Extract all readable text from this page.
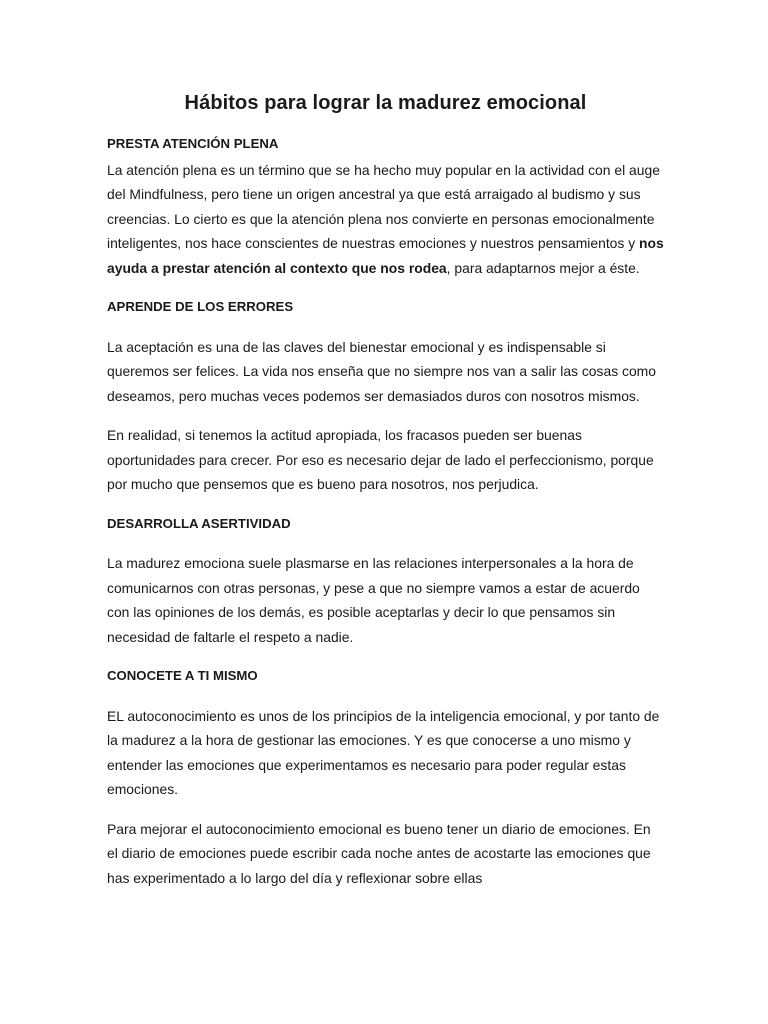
Hábitos para lograr la madurez emocional
PRESTA ATENCIÓN PLENA

La atención plena es un término que se ha hecho muy popular en la actividad con el auge del Mindfulness, pero tiene un origen ancestral ya que está arraigado al budismo y sus creencias. Lo cierto es que la atención plena nos convierte en personas emocionalmente inteligentes, nos hace conscientes de nuestras emociones y nuestros pensamientos y nos ayuda a prestar atención al contexto que nos rodea, para adaptarnos mejor a éste.

APRENDE DE LOS ERRORES

La aceptación es una de las claves del bienestar emocional y es indispensable si queremos ser felices. La vida nos enseña que no siempre nos van a salir las cosas como deseamos, pero muchas veces podemos ser demasiados duros con nosotros mismos.

En realidad, si tenemos la actitud apropiada, los fracasos pueden ser buenas oportunidades para crecer. Por eso es necesario dejar de lado el perfeccionismo, porque por mucho que pensemos que es bueno para nosotros, nos perjudica.

DESARROLLA ASERTIVIDAD

La madurez emociona suele plasmarse en las relaciones interpersonales a la hora de comunicarnos con otras personas, y pese a que no siempre vamos a estar de acuerdo con las opiniones de los demás, es posible aceptarlas y decir lo que pensamos sin necesidad de faltarle el respeto a nadie.

CONOCETE A TI MISMO

EL autoconocimiento es unos de los principios de la inteligencia emocional, y por tanto de la madurez a la hora de gestionar las emociones. Y es que conocerse a uno mismo y entender las emociones que experimentamos es necesario para poder regular estas emociones.

Para mejorar el autoconocimiento emocional es bueno tener un diario de emociones. En el diario de emociones puede escribir cada noche antes de acostarte las emociones que has experimentado a lo largo del día y reflexionar sobre ellas
